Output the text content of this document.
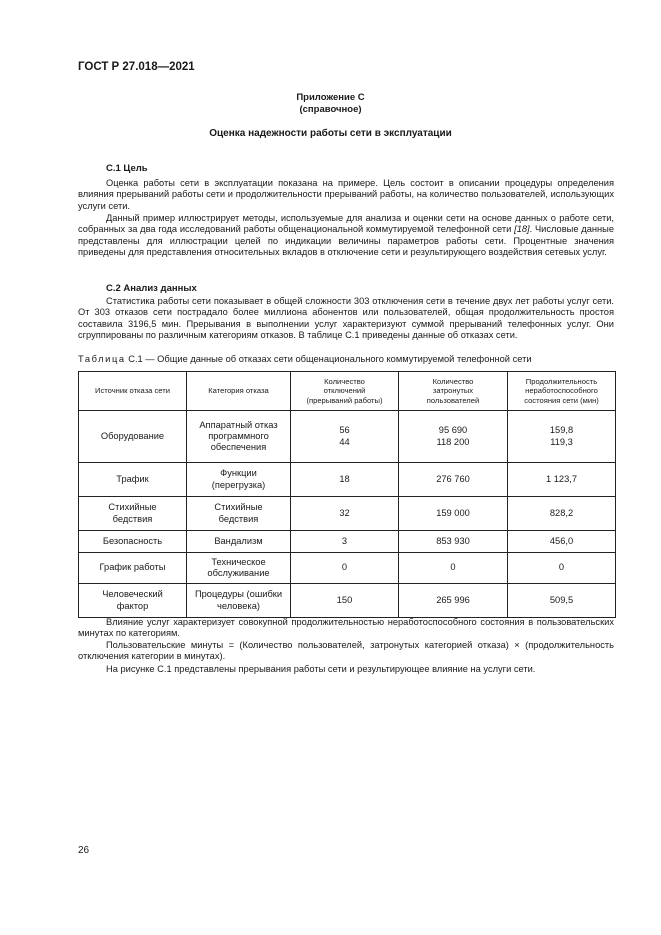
ГОСТ Р 27.018—2021
Приложение С
(справочное)
Оценка надежности работы сети в эксплуатации
С.1 Цель

Оценка работы сети в эксплуатации показана на примере. Цель состоит в описании процедуры определения влияния прерываний работы сети и продолжительности прерываний работы, на количество пользователей, использующих услуги сети.

Данный пример иллюстрирует методы, используемые для анализа и оценки сети на основе данных о работе сети, собранных за два года исследований работы общенациональной коммутируемой телефонной сети [18]. Числовые данные представлены для иллюстрации целей по индикации величины параметров работы сети. Процентные значения приведены для представления относительных вкладов в отключение сети и результирующего воздействия сетевых услуг.

С.2 Анализ данных

Статистика работы сети показывает в общей сложности 303 отключения сети в течение двух лет работы услуг сети. От 303 отказов сети пострадало более миллиона абонентов или пользователей, общая продолжительность простоя составила 3196,5 мин. Прерывания в выполнении услуг характеризуют суммой прерываний телефонных услуг. Они сгруппированы по различным категориям отказов. В таблице С.1 приведены данные об отказах сети.

Таблица С.1 — Общие данные об отказах сети общенационального коммутируемой телефонной сети
Источник отказа сети	Категория отказа	Количество
отключений
(прерываний работы)	Количество
затронутых
пользователей	Продолжительность
неработоспособного
состояния сети (мин)

Оборудование	Аппаратный отказ
программного
обеспечения	56
44	95 690
118 200	159,8
119,3

Трафик	Функции
(перегрузка)	18	276 760	1 123,7

Стихийные
бедствия	Стихийные
бедствия	32	159 000	828,2

Безопасность	Вандализм	3	853 930	456,0

График работы	Техническое
обслуживание	0	0	0

Человеческий
фактор	Процедуры (ошибки
человека)	150	265 996	509,5

Влияние услуг характеризует совокупной продолжительностью неработоспособного состояния в пользовательских минутах по категориям.

Пользовательские минуты = (Количество пользователей, затронутых категорией отказа) × (продолжительность отключения категории в минутах).

На рисунке С.1 представлены прерывания работы сети и результирующее влияние на услуги сети.

26
